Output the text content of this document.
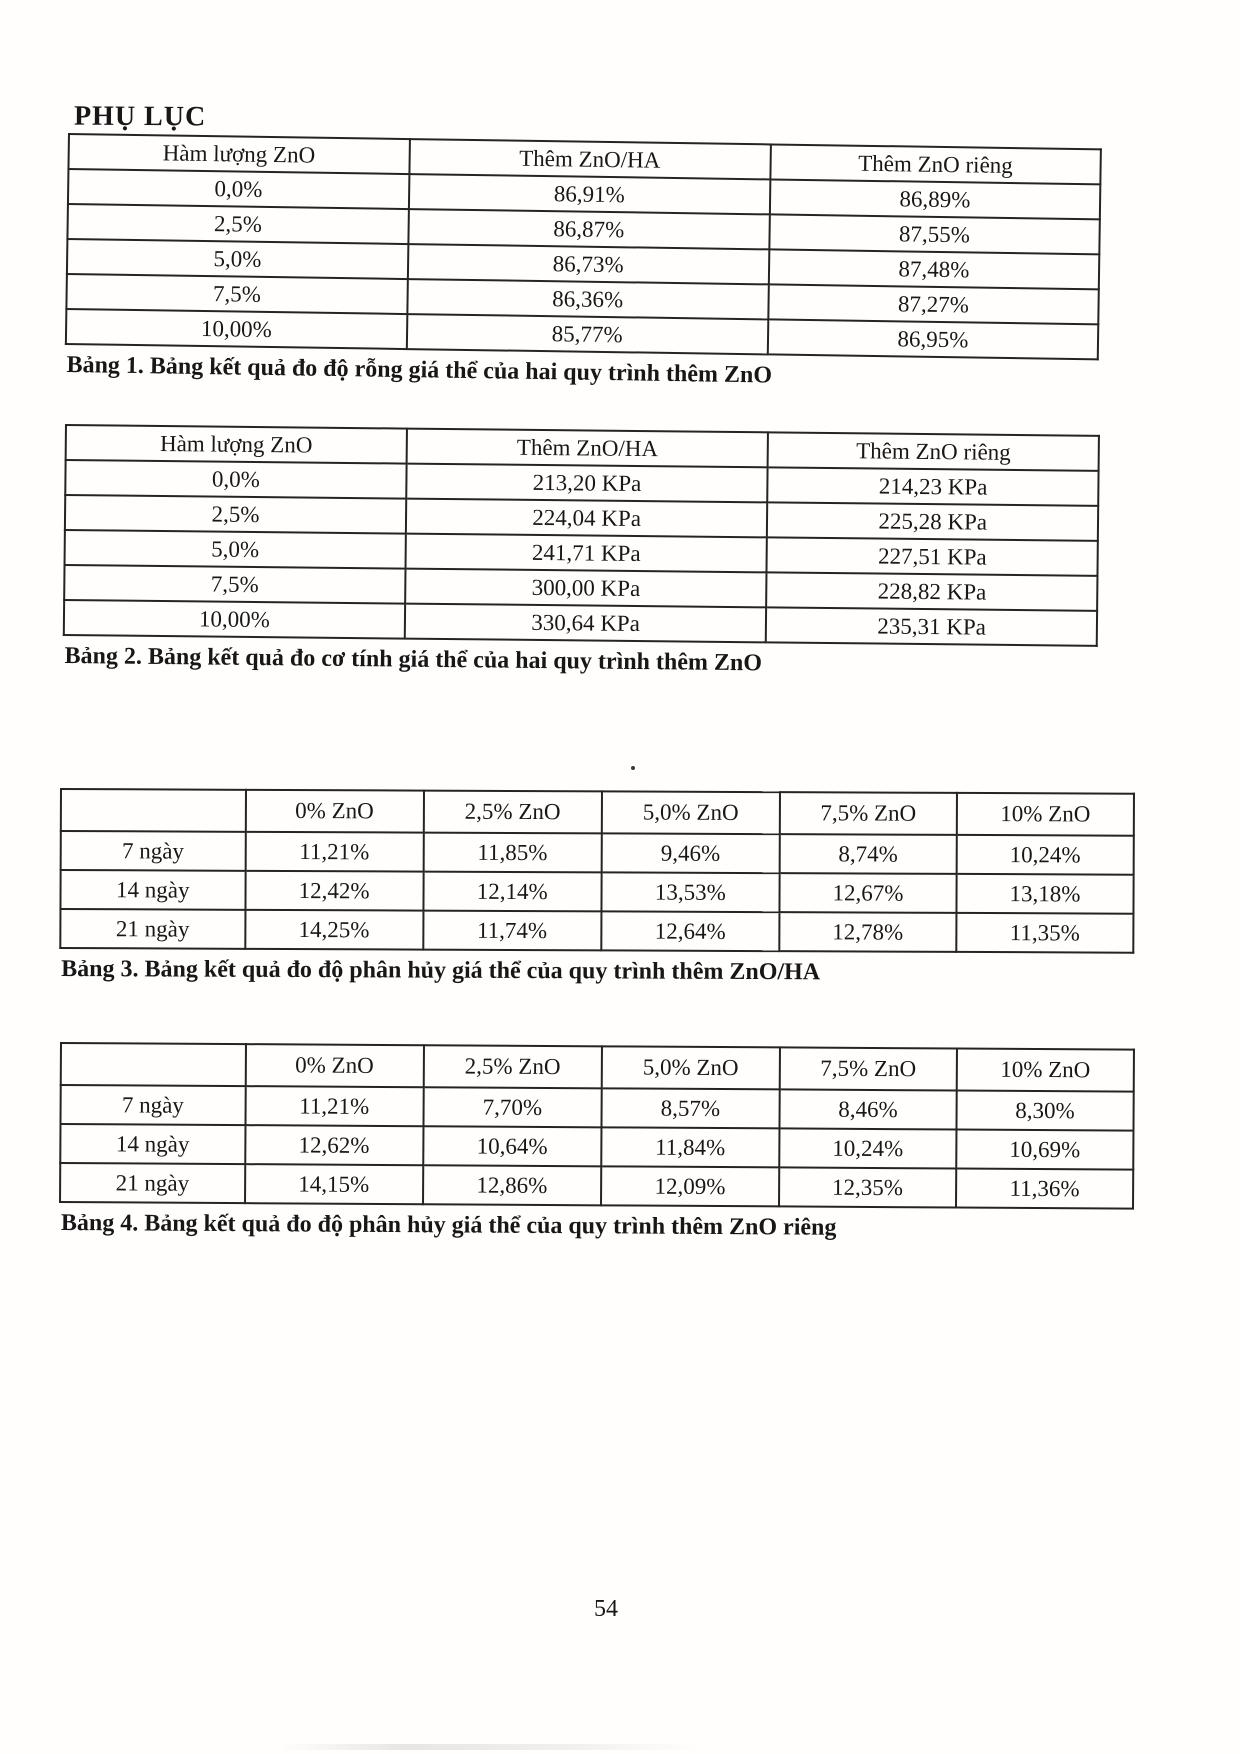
PHỤ LỤC
Hàm lượng ZnO	Thêm ZnO/HA	Thêm ZnO riêng
0,0%	86,91%	86,89%
2,5%	86,87%	87,55%
5,0%	86,73%	87,48%
7,5%	86,36%	87,27%
10,00%	85,77%	86,95%

Bảng 1. Bảng kết quả đo độ rỗng giá thể của hai quy trình thêm ZnO

Hàm lượng ZnO	Thêm ZnO/HA	Thêm ZnO riêng
0,0%	213,20 KPa	214,23 KPa
2,5%	224,04 KPa	225,28 KPa
5,0%	241,71 KPa	227,51 KPa
7,5%	300,00 KPa	228,82 KPa
10,00%	330,64 KPa	235,31 KPa

Bảng 2. Bảng kết quả đo cơ tính giá thể của hai quy trình thêm ZnO

	0% ZnO	2,5% ZnO	5,0% ZnO	7,5% ZnO	10% ZnO
7 ngày	11,21%	11,85%	9,46%	8,74%	10,24%
14 ngày	12,42%	12,14%	13,53%	12,67%	13,18%
21 ngày	14,25%	11,74%	12,64%	12,78%	11,35%

Bảng 3. Bảng kết quả đo độ phân hủy giá thể của quy trình thêm ZnO/HA

	0% ZnO	2,5% ZnO	5,0% ZnO	7,5% ZnO	10% ZnO
7 ngày	11,21%	7,70%	8,57%	8,46%	8,30%
14 ngày	12,62%	10,64%	11,84%	10,24%	10,69%
21 ngày	14,15%	12,86%	12,09%	12,35%	11,36%

Bảng 4. Bảng kết quả đo độ phân hủy giá thể của quy trình thêm ZnO riêng

54
